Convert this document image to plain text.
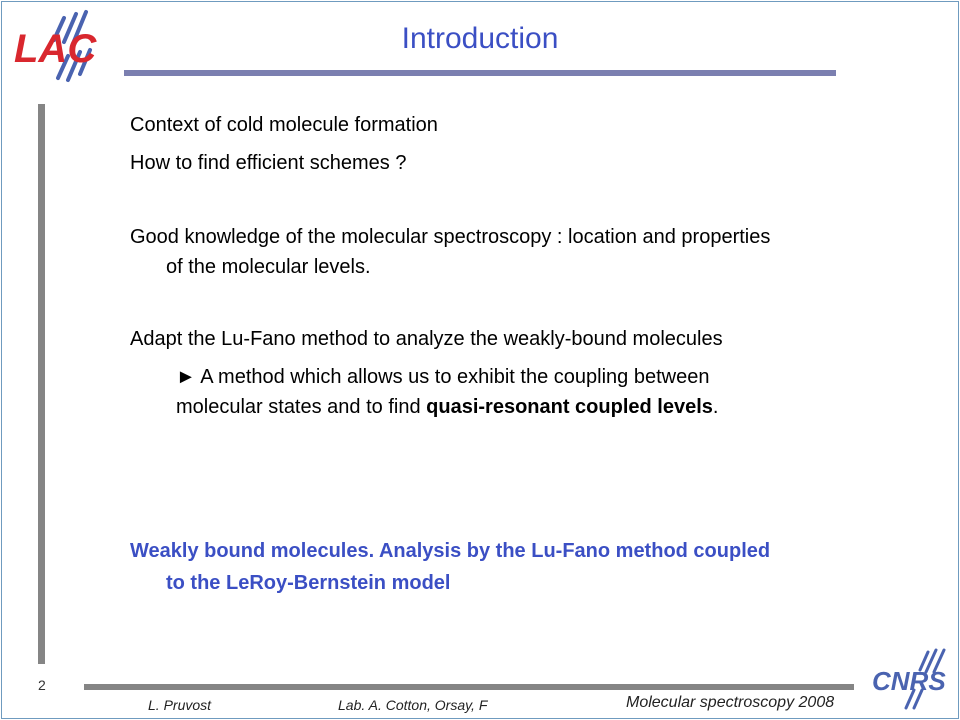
LAC	Introduction
Context of cold molecule formation
How to find efficient schemes ?
Good knowledge of the molecular spectroscopy : location and properties
of the molecular levels.
Adapt the Lu-Fano method to analyze the weakly-bound molecules
► A method which allows us to exhibit the coupling between
molecular states and to find quasi-resonant coupled levels.
Weakly bound molecules. Analysis by the Lu-Fano method coupled
to the LeRoy-Bernstein model
2
L. Pruvost	Lab. A. Cotton, Orsay, F	Molecular spectroscopy 2008
CNRS
